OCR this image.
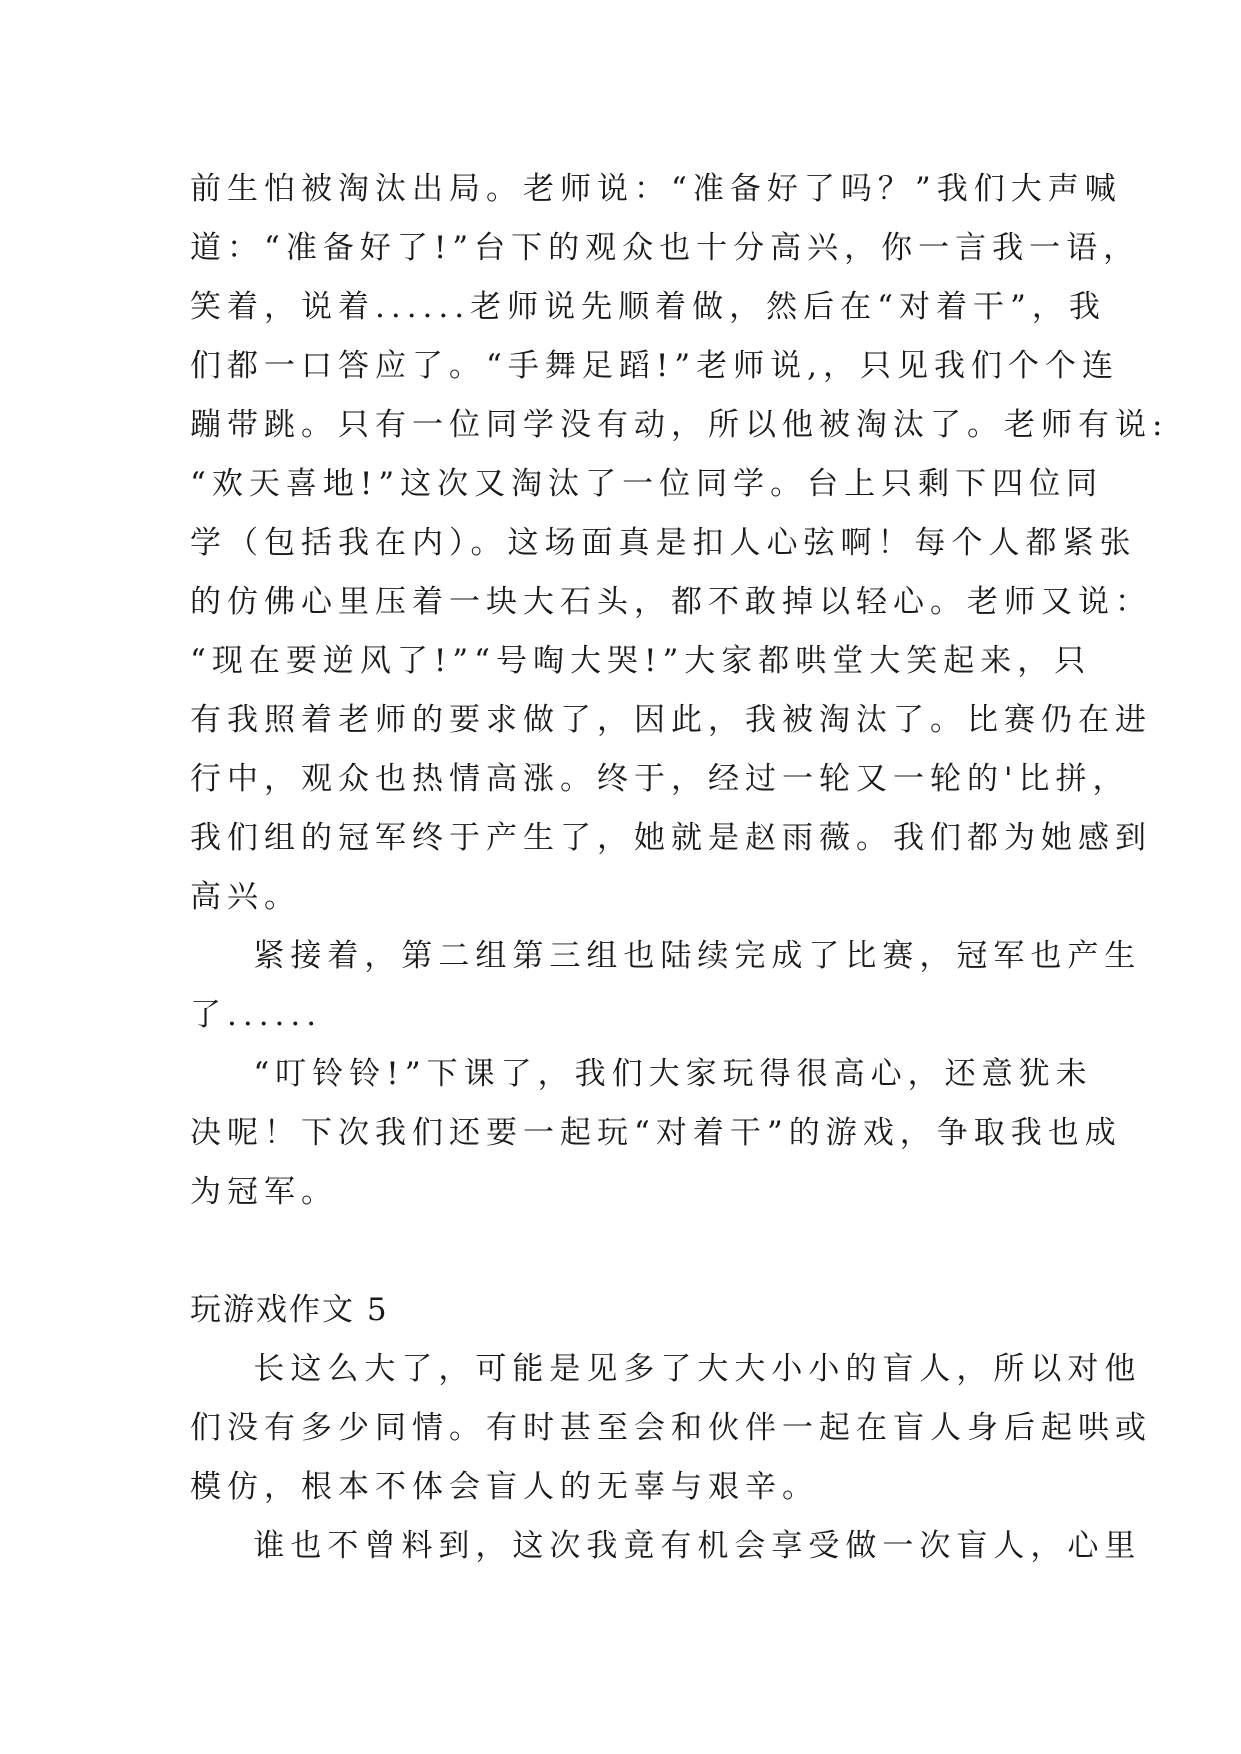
前生怕被淘汰出局。老师说：“准备好了吗？”我们大声喊
道：“准备好了!”台下的观众也十分高兴，你一言我一语，
笑着，说着......老师说先顺着做，然后在“对着干”，我
们都一口答应了。“手舞足蹈!”老师说,，只见我们个个连
蹦带跳。只有一位同学没有动，所以他被淘汰了。老师有说:
“欢天喜地!”这次又淘汰了一位同学。台上只剩下四位同
学（包括我在内）。这场面真是扣人心弦啊！每个人都紧张
的仿佛心里压着一块大石头，都不敢掉以轻心。老师又说：
“现在要逆风了!”“号啕大哭!”大家都哄堂大笑起来，只
有我照着老师的要求做了，因此，我被淘汰了。比赛仍在进
行中，观众也热情高涨。终于，经过一轮又一轮的'比拼，
我们组的冠军终于产生了，她就是赵雨薇。我们都为她感到
高兴。
紧接着，第二组第三组也陆续完成了比赛，冠军也产生
了......
“叮铃铃!”下课了，我们大家玩得很高心，还意犹未
决呢！下次我们还要一起玩“对着干”的游戏，争取我也成
为冠军。
玩游戏作文 5
长这么大了，可能是见多了大大小小的盲人，所以对他
们没有多少同情。有时甚至会和伙伴一起在盲人身后起哄或
模仿，根本不体会盲人的无辜与艰辛。
谁也不曾料到，这次我竟有机会享受做一次盲人，心里
